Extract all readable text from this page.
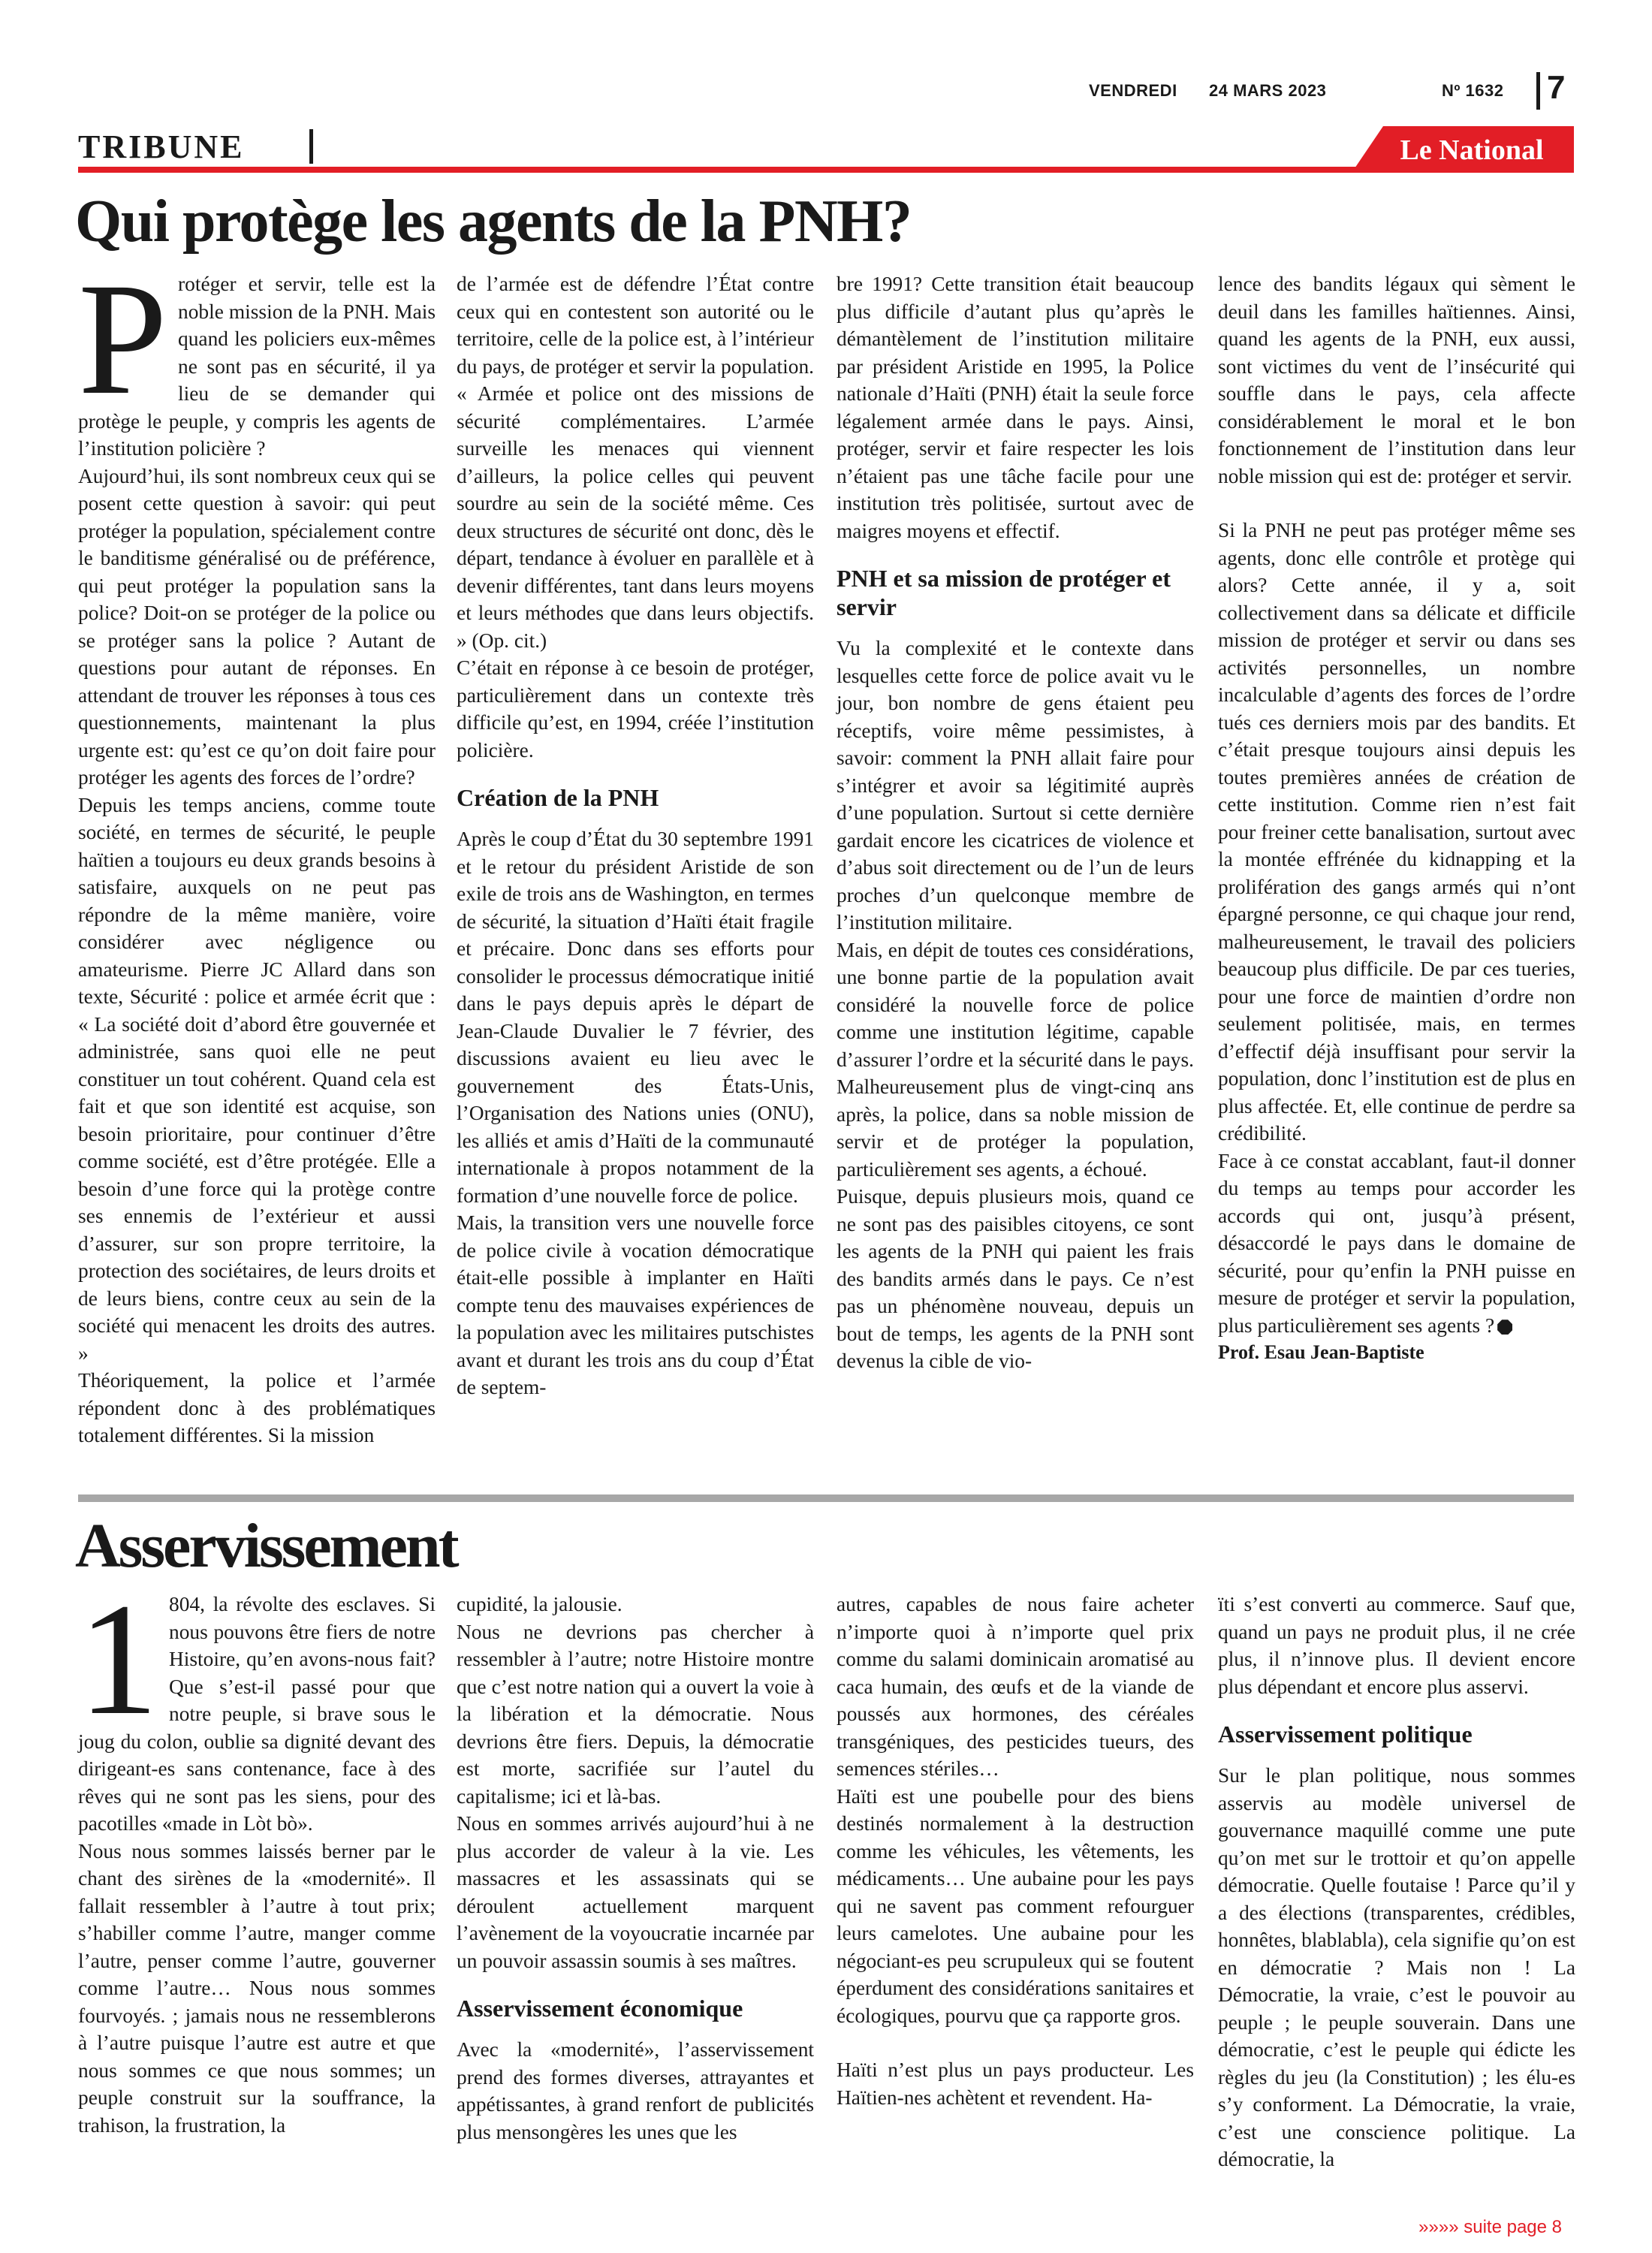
VENDREDI	24 MARS 2023	Nº 1632	7
TRIBUNE	Le National
Qui protège les agents de la PNH?

Protéger et servir, telle est la noble mission de la PNH. Mais quand les policiers eux-mêmes ne sont pas en sécurité, il ya lieu de se demander qui protège le peuple, y compris les agents de l’institution policière ?

Aujourd’hui, ils sont nombreux ceux qui se posent cette question à savoir: qui peut protéger la population, spécialement contre le banditisme généralisé ou de préférence, qui peut protéger la population sans la police? Doit-on se protéger de la police ou se protéger sans la police ? Autant de questions pour autant de réponses. En attendant de trouver les réponses à tous ces questionnements, maintenant la plus urgente est: qu’est ce qu’on doit faire pour protéger les agents des forces de l’ordre?

Depuis les temps anciens, comme toute société, en termes de sécurité, le peuple haïtien a toujours eu deux grands besoins à satisfaire, auxquels on ne peut pas répondre de la même manière, voire considérer avec négligence ou amateurisme. Pierre JC Allard dans son texte, Sécurité : police et armée écrit que : « La société doit d’abord être gouvernée et administrée, sans quoi elle ne peut constituer un tout cohérent. Quand cela est fait et que son identité est acquise, son besoin prioritaire, pour continuer d’être comme société, est d’être protégée. Elle a besoin d’une force qui la protège contre ses ennemis de l’extérieur et aussi d’assurer, sur son propre territoire, la protection des sociétaires, de leurs droits et de leurs biens, contre ceux au sein de la société qui menacent les droits des autres. »

Théoriquement, la police et l’armée répondent donc à des problématiques totalement différentes. Si la mission

de l’armée est de défendre l’État contre ceux qui en contestent son autorité ou le territoire, celle de la police est, à l’intérieur du pays, de protéger et servir la population. « Armée et police ont des missions de sécurité complémentaires. L’armée surveille les menaces qui viennent d’ailleurs, la police celles qui peuvent sourdre au sein de la société même. Ces deux structures de sécurité ont donc, dès le départ, tendance à évoluer en parallèle et à devenir différentes, tant dans leurs moyens et leurs méthodes que dans leurs objectifs. » (Op. cit.)

C’était en réponse à ce besoin de protéger, particulièrement dans un contexte très difficile qu’est, en 1994, créée l’institution policière.

Création de la PNH

Après le coup d’État du 30 septembre 1991 et le retour du président Aristide de son exile de trois ans de Washington, en termes de sécurité, la situation d’Haïti était fragile et précaire. Donc dans ses efforts pour consolider le processus démocratique initié dans le pays depuis après le départ de Jean-Claude Duvalier le 7 février, des discussions avaient eu lieu avec le gouvernement des États-Unis, l’Organisation des Nations unies (ONU), les alliés et amis d’Haïti de la communauté internationale à propos notamment de la formation d’une nouvelle force de police.

Mais, la transition vers une nouvelle force de police civile à vocation démocratique était-elle possible à implanter en Haïti compte tenu des mauvaises expériences de la population avec les militaires putschistes avant et durant les trois ans du coup d’État de septem-

bre 1991? Cette transition était beaucoup plus difficile d’autant plus qu’après le démantèlement de l’institution militaire par président Aristide en 1995, la Police nationale d’Haïti (PNH) était la seule force légalement armée dans le pays. Ainsi, protéger, servir et faire respecter les lois n’étaient pas une tâche facile pour une institution très politisée, surtout avec de maigres moyens et effectif.

PNH et sa mission de protéger et servir

Vu la complexité et le contexte dans lesquelles cette force de police avait vu le jour, bon nombre de gens étaient peu réceptifs, voire même pessimistes, à savoir: comment la PNH allait faire pour s’intégrer et avoir sa légitimité auprès d’une population. Surtout si cette dernière gardait encore les cicatrices de violence et d’abus soit directement ou de l’un de leurs proches d’un quelconque membre de l’institution militaire.

Mais, en dépit de toutes ces considérations, une bonne partie de la population avait considéré la nouvelle force de police comme une institution légitime, capable d’assurer l’ordre et la sécurité dans le pays. Malheureusement plus de vingt-cinq ans après, la police, dans sa noble mission de servir et de protéger la population, particulièrement ses agents, a échoué.

Puisque, depuis plusieurs mois, quand ce ne sont pas des paisibles citoyens, ce sont les agents de la PNH qui paient les frais des bandits armés dans le pays. Ce n’est pas un phénomène nouveau, depuis un bout de temps, les agents de la PNH sont devenus la cible de vio-

lence des bandits légaux qui sèment le deuil dans les familles haïtiennes. Ainsi, quand les agents de la PNH, eux aussi, sont victimes du vent de l’insécurité qui souffle dans le pays, cela affecte considérablement le moral et le bon fonctionnement de l’institution dans leur noble mission qui est de: protéger et servir.

Si la PNH ne peut pas protéger même ses agents, donc elle contrôle et protège qui alors? Cette année, il y a, soit collectivement dans sa délicate et difficile mission de protéger et servir ou dans ses activités personnelles, un nombre incalculable d’agents des forces de l’ordre tués ces derniers mois par des bandits. Et c’était presque toujours ainsi depuis les toutes premières années de création de cette institution. Comme rien n’est fait pour freiner cette banalisation, surtout avec la montée effrénée du kidnapping et la prolifération des gangs armés qui n’ont épargné personne, ce qui chaque jour rend, malheureusement, le travail des policiers beaucoup plus difficile. De par ces tueries, pour une force de maintien d’ordre non seulement politisée, mais, en termes d’effectif déjà insuffisant pour servir la population, donc l’institution est de plus en plus affectée. Et, elle continue de perdre sa crédibilité.

Face à ce constat accablant, faut-il donner du temps au temps pour accorder les accords qui ont, jusqu’à présent, désaccordé le pays dans le domaine de sécurité, pour qu’enfin la PNH puisse en mesure de protéger et servir la population, plus particulièrement ses agents ?

Prof. Esau Jean-Baptiste

Asservissement

1 804, la révolte des esclaves. Si nous pouvons être fiers de notre Histoire, qu’en avons-nous fait? Que s’est-il passé pour que notre peuple, si brave sous le joug du colon, oublie sa dignité devant des dirigeant-es sans contenance, face à des rêves qui ne sont pas les siens, pour des pacotilles «made in Lòt bò».

Nous nous sommes laissés berner par le chant des sirènes de la «modernité». Il fallait ressembler à l’autre à tout prix; s’habiller comme l’autre, manger comme l’autre, penser comme l’autre, gouverner comme l’autre… Nous nous sommes fourvoyés. ; jamais nous ne ressemblerons à l’autre puisque l’autre est autre et que nous sommes ce que nous sommes; un peuple construit sur la souffrance, la trahison, la frustration, la

cupidité, la jalousie.

Nous ne devrions pas chercher à ressembler à l’autre; notre Histoire montre que c’est notre nation qui a ouvert la voie à la libération et la démocratie. Nous devrions être fiers. Depuis, la démocratie est morte, sacrifiée sur l’autel du capitalisme; ici et là-bas.

Nous en sommes arrivés aujourd’hui à ne plus accorder de valeur à la vie. Les massacres et les assassinats qui se déroulent actuellement marquent l’avènement de la voyoucratie incarnée par un pouvoir assassin soumis à ses maîtres.

Asservissement économique

Avec la «modernité», l’asservissement prend des formes diverses, attrayantes et appétissantes, à grand renfort de publicités plus mensongères les unes que les

autres, capables de nous faire acheter n’importe quoi à n’importe quel prix comme du salami dominicain aromatisé au caca humain, des œufs et de la viande de poussés aux hormones, des céréales transgéniques, des pesticides tueurs, des semences stériles…

Haïti est une poubelle pour des biens destinés normalement à la destruction comme les véhicules, les vêtements, les médicaments… Une aubaine pour les pays qui ne savent pas comment refourguer leurs camelotes. Une aubaine pour les négociant-es peu scrupuleux qui se foutent éperdument des considérations sanitaires et écologiques, pourvu que ça rapporte gros.

Haïti n’est plus un pays producteur. Les Haïtien-nes achètent et revendent. Ha-

ïti s’est converti au commerce. Sauf que, quand un pays ne produit plus, il ne crée plus, il n’innove plus. Il devient encore plus dépendant et encore plus asservi.

Asservissement politique

Sur le plan politique, nous sommes asservis au modèle universel de gouvernance maquillé comme une pute qu’on met sur le trottoir et qu’on appelle démocratie. Quelle foutaise ! Parce qu’il y a des élections (transparentes, crédibles, honnêtes, blablabla), cela signifie qu’on est en démocratie ? Mais non ! La Démocratie, la vraie, c’est le pouvoir au peuple ; le peuple souverain. Dans une démocratie, c’est le peuple qui édicte les règles du jeu (la Constitution) ; les élu-es s’y conforment. La Démocratie, la vraie, c’est une conscience politique. La démocratie, la

»»»» suite page 8
